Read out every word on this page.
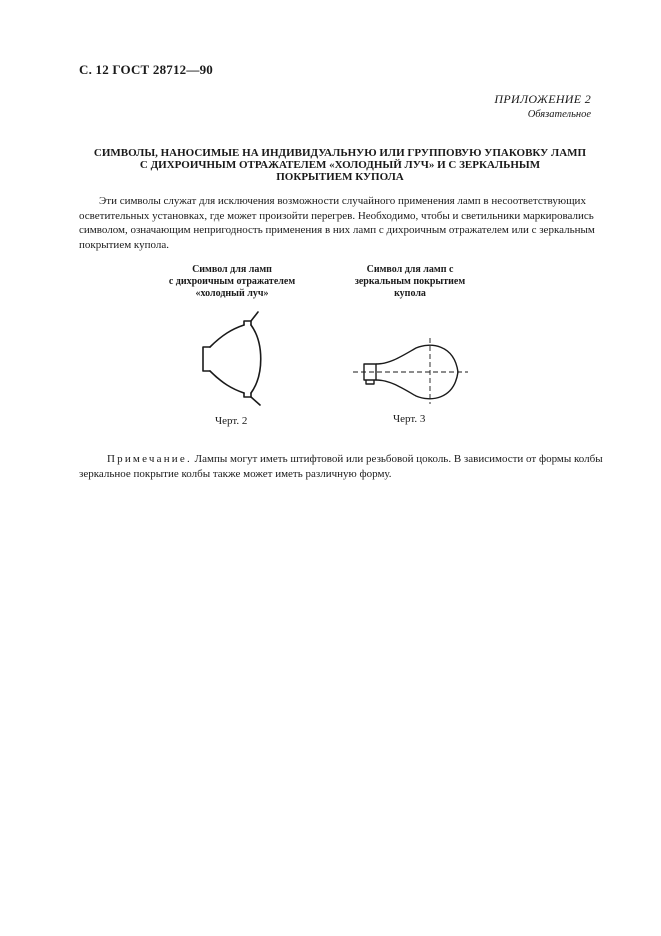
С. 12 ГОСТ 28712—90
ПРИЛОЖЕНИЕ 2
Обязательное
СИМВОЛЫ, НАНОСИМЫЕ НА ИНДИВИДУАЛЬНУЮ ИЛИ ГРУППОВУЮ УПАКОВКУ ЛАМП
С ДИХРОИЧНЫМ ОТРАЖАТЕЛЕМ «ХОЛОДНЫЙ ЛУЧ» И С ЗЕРКАЛЬНЫМ
ПОКРЫТИЕМ КУПОЛА
Эти символы служат для исключения возможности случайного применения ламп в несоответствующих
осветительных установках, где может произойти перегрев. Необходимо, чтобы и светильники маркировались
символом, означающим непригодность применения в них ламп с дихроичным отражателем или с зеркальным
покрытием купола.
Символ для ламп
с дихроичным отражателем
«холодный луч»
Символ для ламп с
зеркальным покрытием
купола
Черт. 2	Черт. 3
Примечание. Лампы могут иметь штифтовой или резьбовой цоколь. В зависимости от формы колбы
зеркальное покрытие колбы также может иметь различную форму.
